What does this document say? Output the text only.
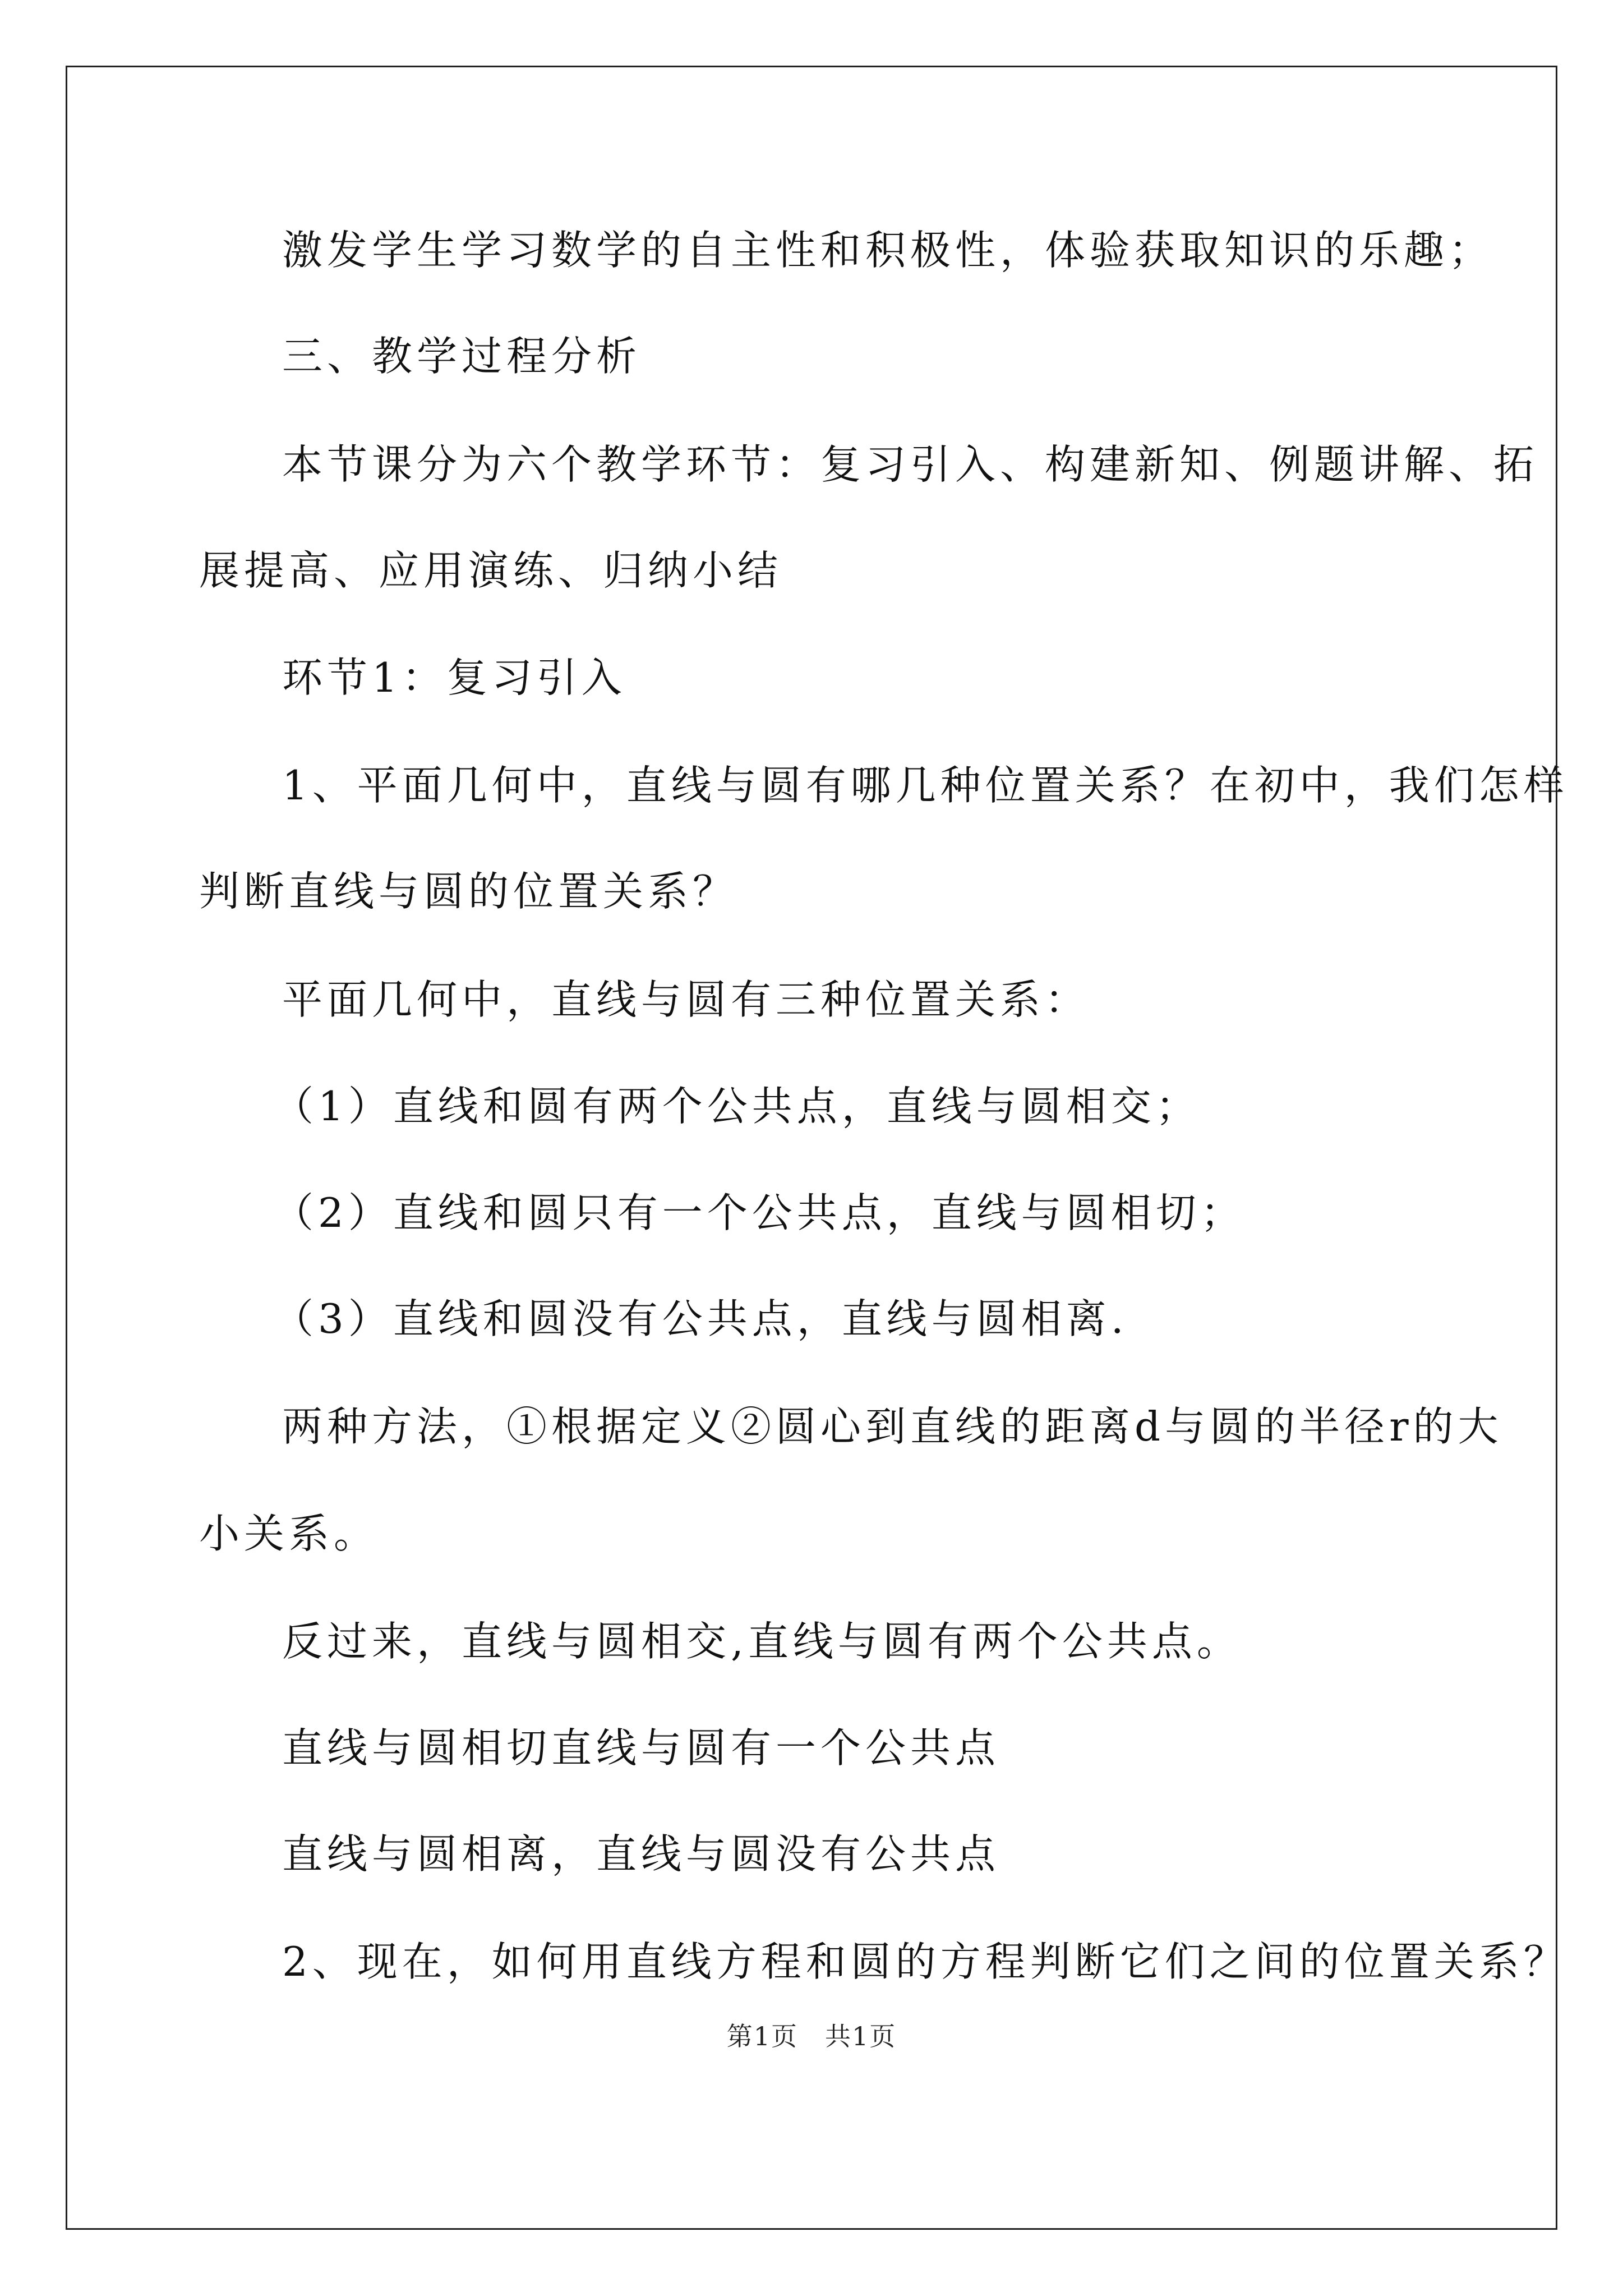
激发学生学习数学的自主性和积极性，体验获取知识的乐趣；
三、教学过程分析
本节课分为六个教学环节：复习引入、构建新知、例题讲解、拓
展提高、应用演练、归纳小结
环节1：复习引入
1、平面几何中，直线与圆有哪几种位置关系？在初中，我们怎样
判断直线与圆的位置关系？
平面几何中，直线与圆有三种位置关系：
（1）直线和圆有两个公共点，直线与圆相交；
（2）直线和圆只有一个公共点，直线与圆相切；
（3）直线和圆没有公共点，直线与圆相离.
两种方法，①根据定义②圆心到直线的距离d与圆的半径r的大
小关系。
反过来，直线与圆相交,直线与圆有两个公共点。
直线与圆相切直线与圆有一个公共点
直线与圆相离，直线与圆没有公共点
2、现在，如何用直线方程和圆的方程判断它们之间的位置关系？
第1页　共1页
